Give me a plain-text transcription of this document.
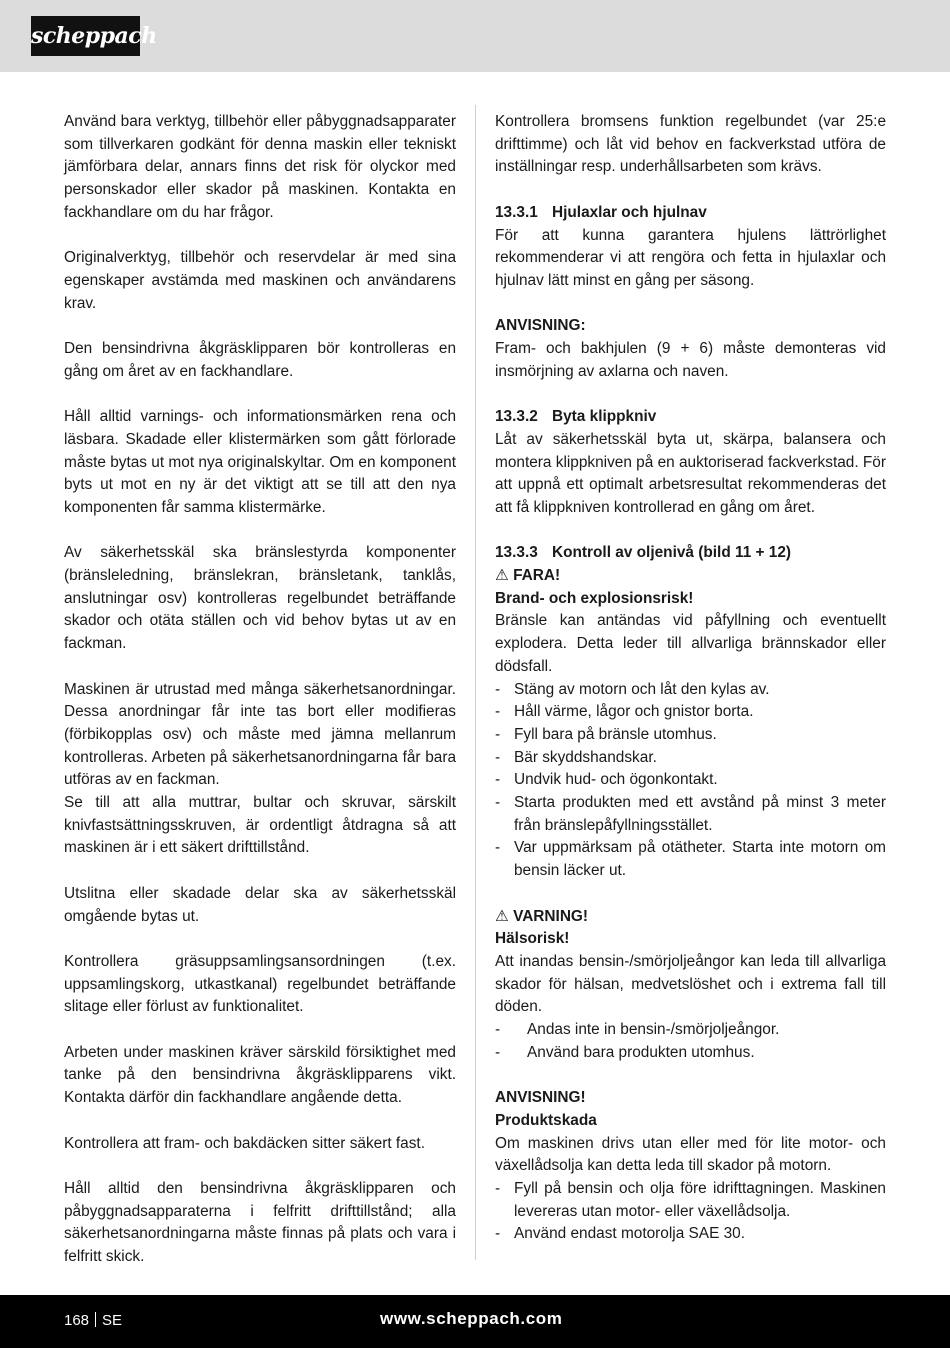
scheppach

Använd bara verktyg, tillbehör eller påbyggnadsapparater som tillverkaren godkänt för denna maskin eller tekniskt jämförbara delar, annars finns det risk för olyckor med personskador eller skador på maskinen. Kontakta en fackhandlare om du har frågor.

Originalverktyg, tillbehör och reservdelar är med sina egenskaper avstämda med maskinen och användarens krav.

Den bensindrivna åkgräsklipparen bör kontrolleras en gång om året av en fackhandlare.

Håll alltid varnings- och informationsmärken rena och läsbara. Skadade eller klistermärken som gått förlorade måste bytas ut mot nya originalskyltar. Om en komponent byts ut mot en ny är det viktigt att se till att den nya komponenten får samma klistermärke.

Av säkerhetsskäl ska bränslestyrda komponenter (bränsleledning, bränslekran, bränsletank, tanklås, anslutningar osv) kontrolleras regelbundet beträffande skador och otäta ställen och vid behov bytas ut av en fackman.

Maskinen är utrustad med många säkerhetsanordningar. Dessa anordningar får inte tas bort eller modifieras (förbikopplas osv) och måste med jämna mellanrum kontrolleras. Arbeten på säkerhetsanordningarna får bara utföras av en fackman.

Se till att alla muttrar, bultar och skruvar, särskilt knivfastsättningsskruven, är ordentligt åtdragna så att maskinen är i ett säkert drifttillstånd.

Utslitna eller skadade delar ska av säkerhetsskäl omgående bytas ut.

Kontrollera gräsuppsamlingsansordningen (t.ex. uppsamlingskorg, utkastkanal) regelbundet beträffande slitage eller förlust av funktionalitet.

Arbeten under maskinen kräver särskild försiktighet med tanke på den bensindrivna åkgräsklipparens vikt. Kontakta därför din fackhandlare angående detta.

Kontrollera att fram- och bakdäcken sitter säkert fast.

Håll alltid den bensindrivna åkgräsklipparen och påbyggnadsapparaterna i felfritt drifttillstånd; alla säkerhetsanordningarna måste finnas på plats och vara i felfritt skick.

Kontrollera bromsens funktion regelbundet (var 25:e drifttimme) och låt vid behov en fackverkstad utföra de inställningar resp. underhållsarbeten som krävs.

13.3.1 Hjulaxlar och hjulnav

För att kunna garantera hjulens lättrörlighet rekommenderar vi att rengöra och fetta in hjulaxlar och hjulnav lätt minst en gång per säsong.

ANVISNING:

Fram- och bakhjulen (9 + 6) måste demonteras vid insmörjning av axlarna och naven.

13.3.2 Byta klippkniv

Låt av säkerhetsskäl byta ut, skärpa, balansera och montera klippkniven på en auktoriserad fackverkstad. För att uppnå ett optimalt arbetsresultat rekommenderas det att få klippkniven kontrollerad en gång om året.

13.3.3 Kontroll av oljenivå (bild 11 + 12)
⚠ FARA!
Brand- och explosionsrisk!

Bränsle kan antändas vid påfyllning och eventuellt explodera. Detta leder till allvarliga brännskador eller dödsfall.

- Stäng av motorn och låt den kylas av.
- Håll värme, lågor och gnistor borta.
- Fyll bara på bränsle utomhus.
- Bär skyddshandskar.
- Undvik hud- och ögonkontakt.
- Starta produkten med ett avstånd på minst 3 meter från bränslepåfyllningsstället.
- Var uppmärksam på otätheter. Starta inte motorn om bensin läcker ut.
⚠ VARNING!
Hälsorisk!

Att inandas bensin-/smörjoljeångor kan leda till allvarliga skador för hälsan, medvetslöshet och i extrema fall till döden.

- Andas inte in bensin-/smörjoljeångor.
- Använd bara produkten utomhus.
ANVISNING!
Produktskada

Om maskinen drivs utan eller med för lite motor- och växellådsolja kan detta leda till skador på motorn.

- Fyll på bensin och olja före idrifttagningen. Maskinen levereras utan motor- eller växellådsolja.
- Använd endast motorolja SAE 30.
168 SE	www.scheppach.com
